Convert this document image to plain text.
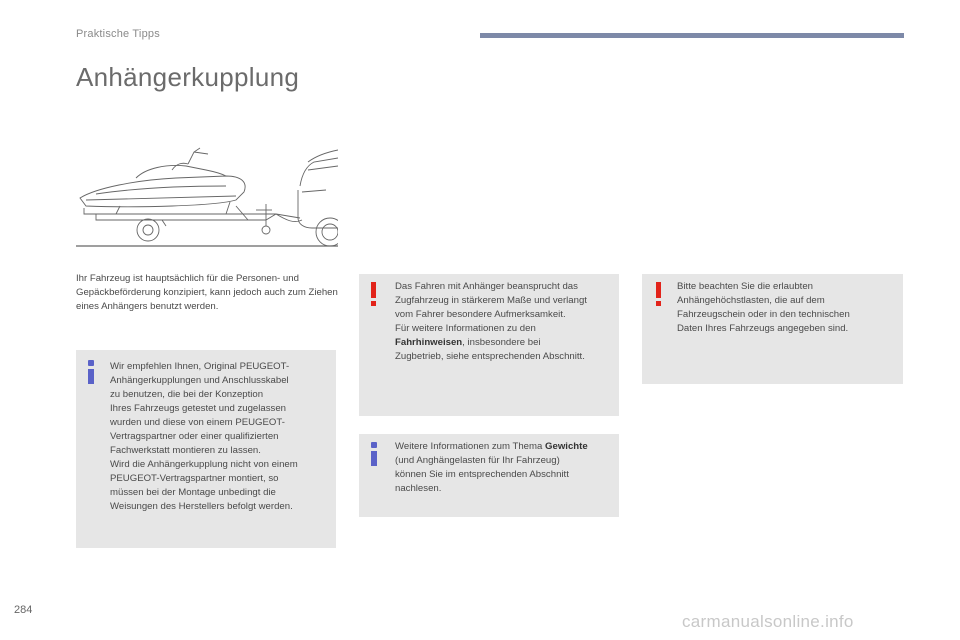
Praktische Tipps
Anhängerkupplung
Ihr Fahrzeug ist hauptsächlich für die Personen- und Gepäckbeförderung konzipiert, kann jedoch auch zum Ziehen eines Anhängers benutzt werden.

Wir empfehlen Ihnen, Original PEUGEOT-

Anhängerkupplungen und Anschlusskabel

zu benutzen, die bei der Konzeption

Ihres Fahrzeugs getestet und zugelassen

wurden und diese von einem PEUGEOT-

Vertragspartner oder einer qualifizierten

Fachwerkstatt montieren zu lassen.

Wird die Anhängerkupplung nicht von einem

PEUGEOT-Vertragspartner montiert, so

müssen bei der Montage unbedingt die

Weisungen des Herstellers befolgt werden.

Das Fahren mit Anhänger beansprucht das

Zugfahrzeug in stärkerem Maße und verlangt

vom Fahrer besondere Aufmerksamkeit.

Für weitere Informationen zu den

Fahrhinweisen, insbesondere bei

Zugbetrieb, siehe entsprechenden Abschnitt.

Weitere Informationen zum Thema Gewichte

(und Anghängelasten für Ihr Fahrzeug)

können Sie im entsprechenden Abschnitt

nachlesen.

Bitte beachten Sie die erlaubten

Anhängehöchstlasten, die auf dem

Fahrzeugschein oder in den technischen

Daten Ihres Fahrzeugs angegeben sind.

284
carmanualsonline.info
